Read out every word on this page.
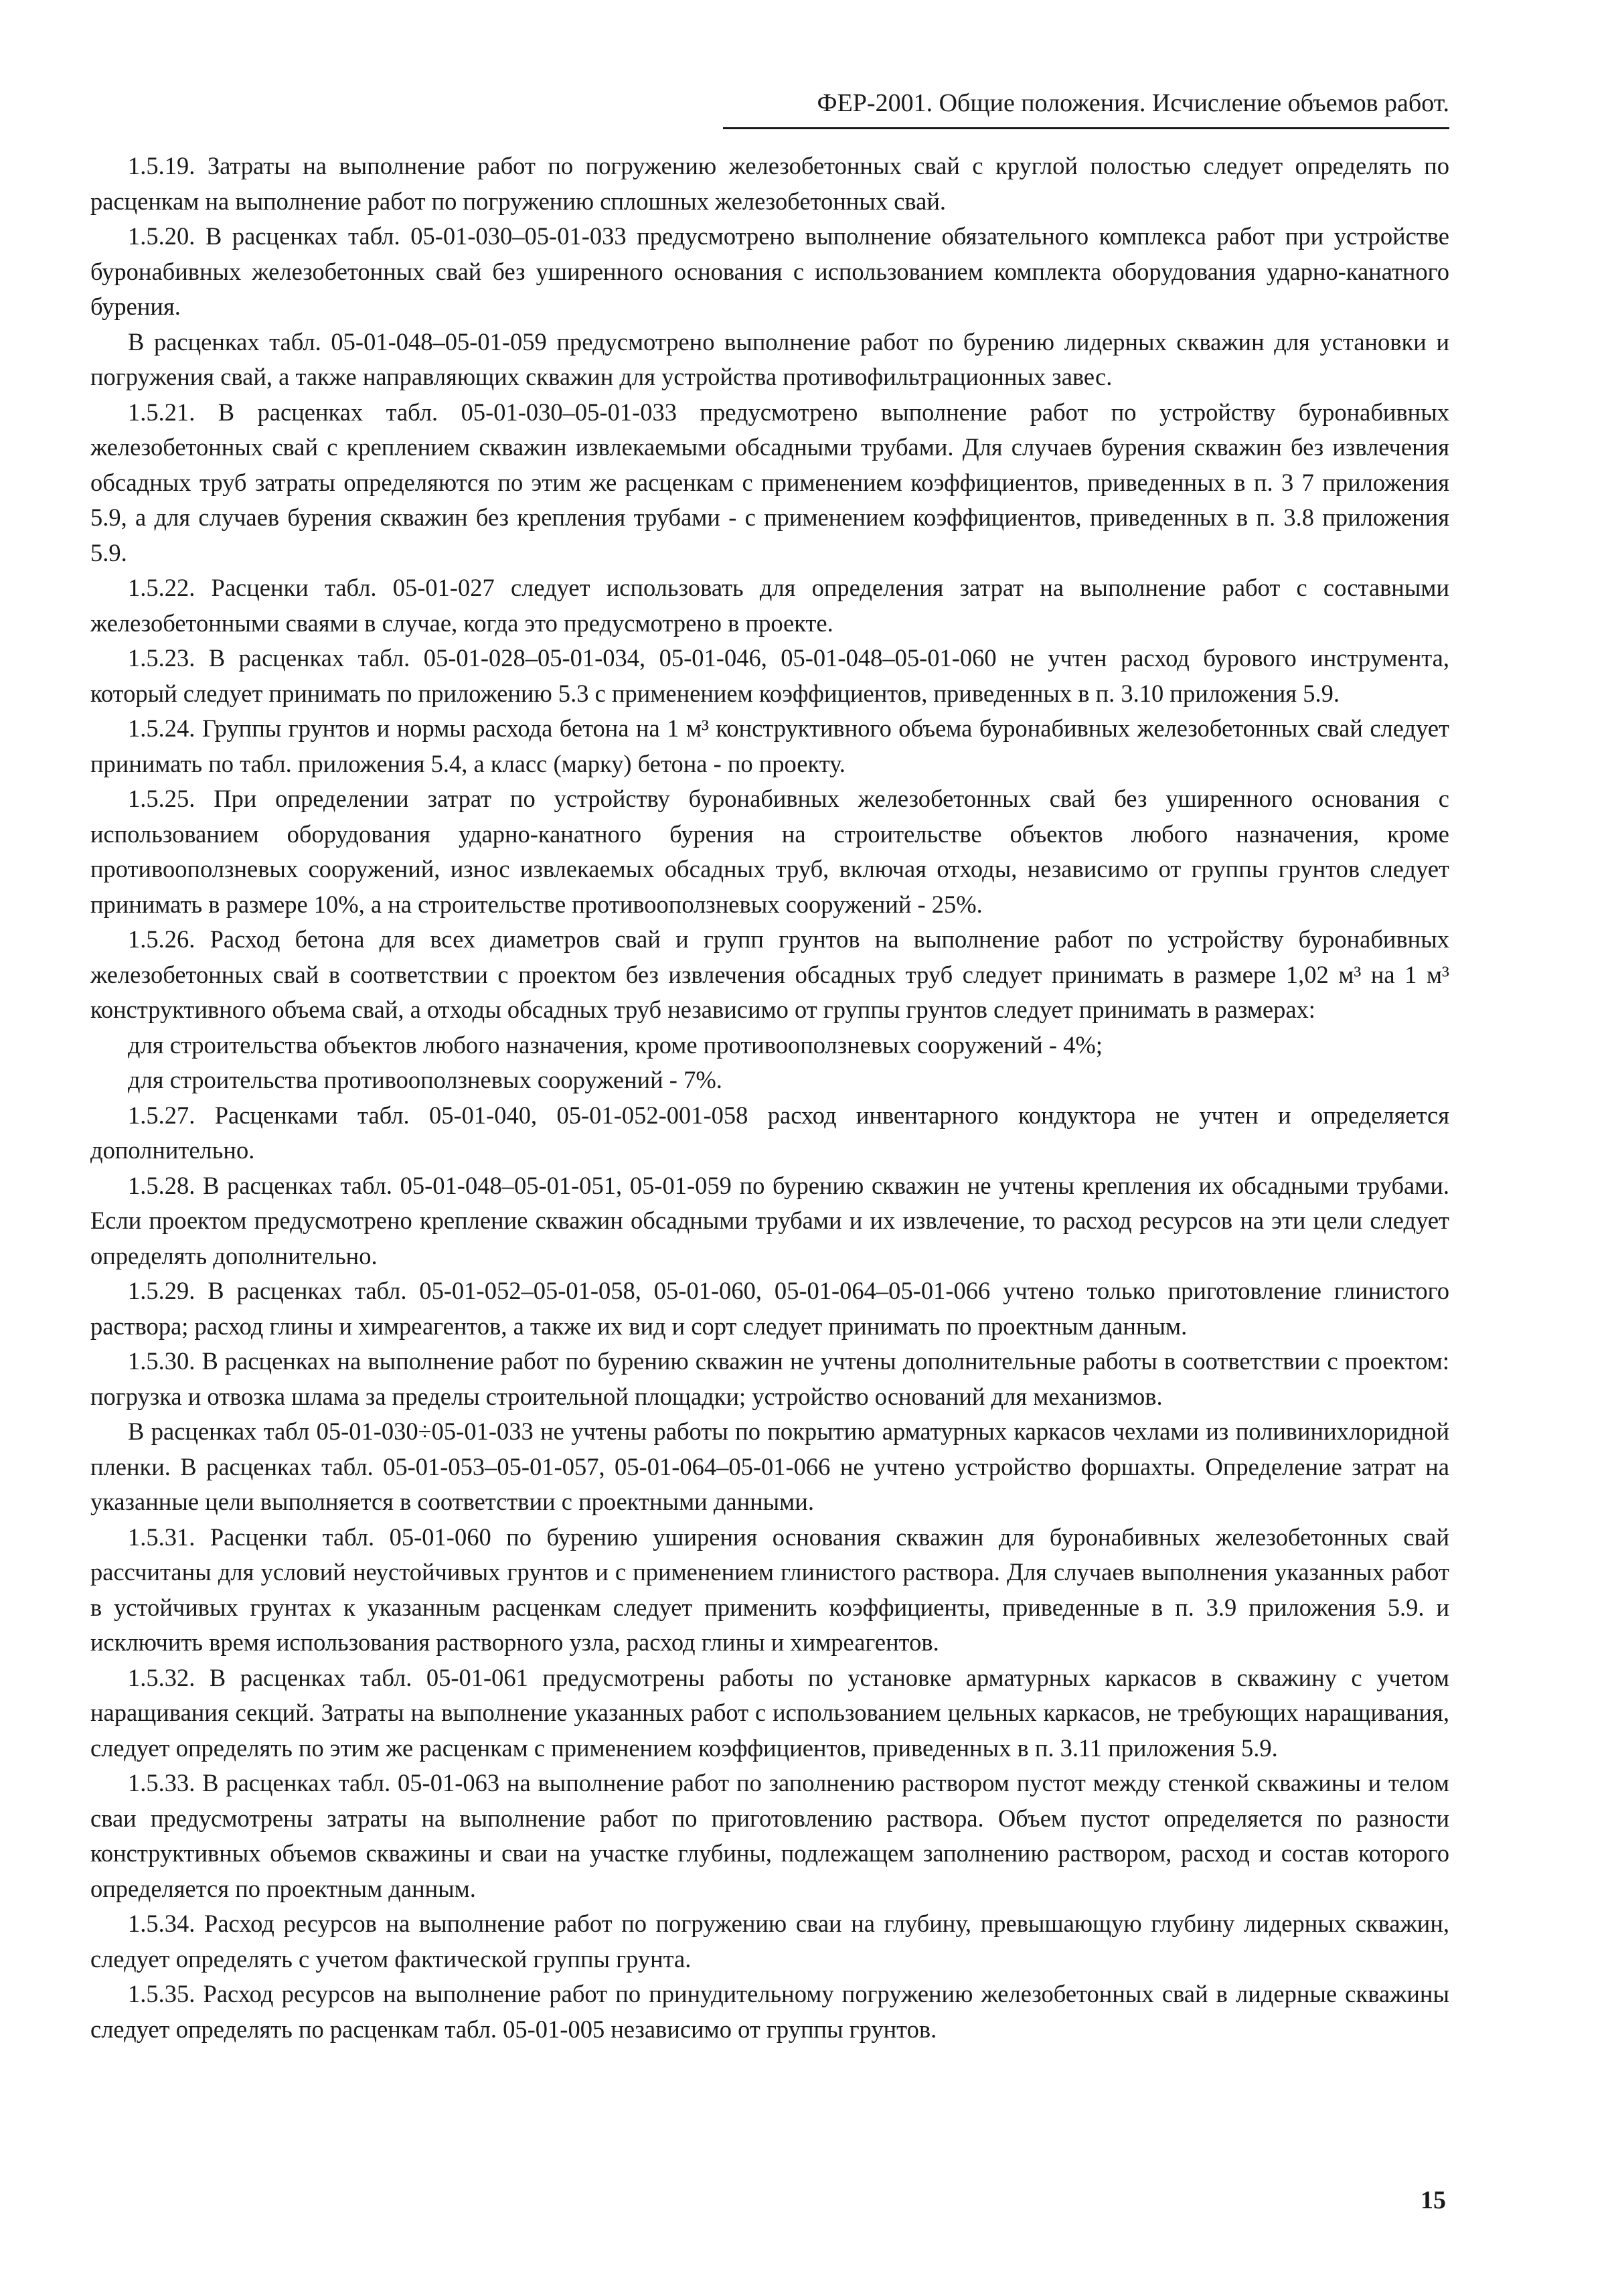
ФЕР-2001. Общие положения. Исчисление объемов работ.

1.5.19. Затраты на выполнение работ по погружению железобетонных свай с круглой полостью следует определять по расценкам на выполнение работ по погружению сплошных железобетонных свай.

1.5.20. В расценках табл. 05-01-030–05-01-033 предусмотрено выполнение обязательного комплекса работ при устройстве буронабивных железобетонных свай без уширенного основания с использованием комплекта оборудования ударно-канатного бурения.

В расценках табл. 05-01-048–05-01-059 предусмотрено выполнение работ по бурению лидерных скважин для установки и погружения свай, а также направляющих скважин для устройства противофильтрационных завес.

1.5.21. В расценках табл. 05-01-030–05-01-033 предусмотрено выполнение работ по устройству буронабивных железобетонных свай с креплением скважин извлекаемыми обсадными трубами. Для случаев бурения скважин без извлечения обсадных труб затраты определяются по этим же расценкам с применением коэффициентов, приведенных в п. 3 7 приложения 5.9, а для случаев бурения скважин без крепления трубами - с применением коэффициентов, приведенных в п. 3.8 приложения 5.9.

1.5.22. Расценки табл. 05-01-027 следует использовать для определения затрат на выполнение работ с составными железобетонными сваями в случае, когда это предусмотрено в проекте.

1.5.23. В расценках табл. 05-01-028–05-01-034, 05-01-046, 05-01-048–05-01-060 не учтен расход бурового инструмента, который следует принимать по приложению 5.3 с применением коэффициентов, приведенных в п. 3.10 приложения 5.9.

1.5.24. Группы грунтов и нормы расхода бетона на 1 м³ конструктивного объема буронабивных железобетонных свай следует принимать по табл. приложения 5.4, а класс (марку) бетона - по проекту.

1.5.25. При определении затрат по устройству буронабивных железобетонных свай без уширенного основания с использованием оборудования ударно-канатного бурения на строительстве объектов любого назначения, кроме противооползневых сооружений, износ извлекаемых обсадных труб, включая отходы, независимо от группы грунтов следует принимать в размере 10%, а на строительстве противооползневых сооружений - 25%.

1.5.26. Расход бетона для всех диаметров свай и групп грунтов на выполнение работ по устройству буронабивных железобетонных свай в соответствии с проектом без извлечения обсадных труб следует принимать в размере 1,02 м³ на 1 м³ конструктивного объема свай, а отходы обсадных труб независимо от группы грунтов следует принимать в размерах:

для строительства объектов любого назначения, кроме противооползневых сооружений - 4%;

для строительства противооползневых сооружений - 7%.

1.5.27. Расценками табл. 05-01-040, 05-01-052-001-058 расход инвентарного кондуктора не учтен и определяется дополнительно.

1.5.28. В расценках табл. 05-01-048–05-01-051, 05-01-059 по бурению скважин не учтены крепления их обсадными трубами. Если проектом предусмотрено крепление скважин обсадными трубами и их извлечение, то расход ресурсов на эти цели следует определять дополнительно.

1.5.29. В расценках табл. 05-01-052–05-01-058, 05-01-060, 05-01-064–05-01-066 учтено только приготовление глинистого раствора; расход глины и химреагентов, а также их вид и сорт следует принимать по проектным данным.

1.5.30. В расценках на выполнение работ по бурению скважин не учтены дополнительные работы в соответствии с проектом: погрузка и отвозка шлама за пределы строительной площадки; устройство оснований для механизмов.

В расценках табл 05-01-030÷05-01-033 не учтены работы по покрытию арматурных каркасов чехлами из поливинихлоридной пленки. В расценках табл. 05-01-053–05-01-057, 05-01-064–05-01-066 не учтено устройство форшахты. Определение затрат на указанные цели выполняется в соответствии с проектными данными.

1.5.31. Расценки табл. 05-01-060 по бурению уширения основания скважин для буронабивных железобетонных свай рассчитаны для условий неустойчивых грунтов и с применением глинистого раствора. Для случаев выполнения указанных работ в устойчивых грунтах к указанным расценкам следует применить коэффициенты, приведенные в п. 3.9 приложения 5.9. и исключить время использования растворного узла, расход глины и химреагентов.

1.5.32. В расценках табл. 05-01-061 предусмотрены работы по установке арматурных каркасов в скважину с учетом наращивания секций. Затраты на выполнение указанных работ с использованием цельных каркасов, не требующих наращивания, следует определять по этим же расценкам с применением коэффициентов, приведенных в п. 3.11 приложения 5.9.

1.5.33. В расценках табл. 05-01-063 на выполнение работ по заполнению раствором пустот между стенкой скважины и телом сваи предусмотрены затраты на выполнение работ по приготовлению раствора. Объем пустот определяется по разности конструктивных объемов скважины и сваи на участке глубины, подлежащем заполнению раствором, расход и состав которого определяется по проектным данным.

1.5.34. Расход ресурсов на выполнение работ по погружению сваи на глубину, превышающую глубину лидерных скважин, следует определять с учетом фактической группы грунта.

1.5.35. Расход ресурсов на выполнение работ по принудительному погружению железобетонных свай в лидерные скважины следует определять по расценкам табл. 05-01-005 независимо от группы грунтов.

15
